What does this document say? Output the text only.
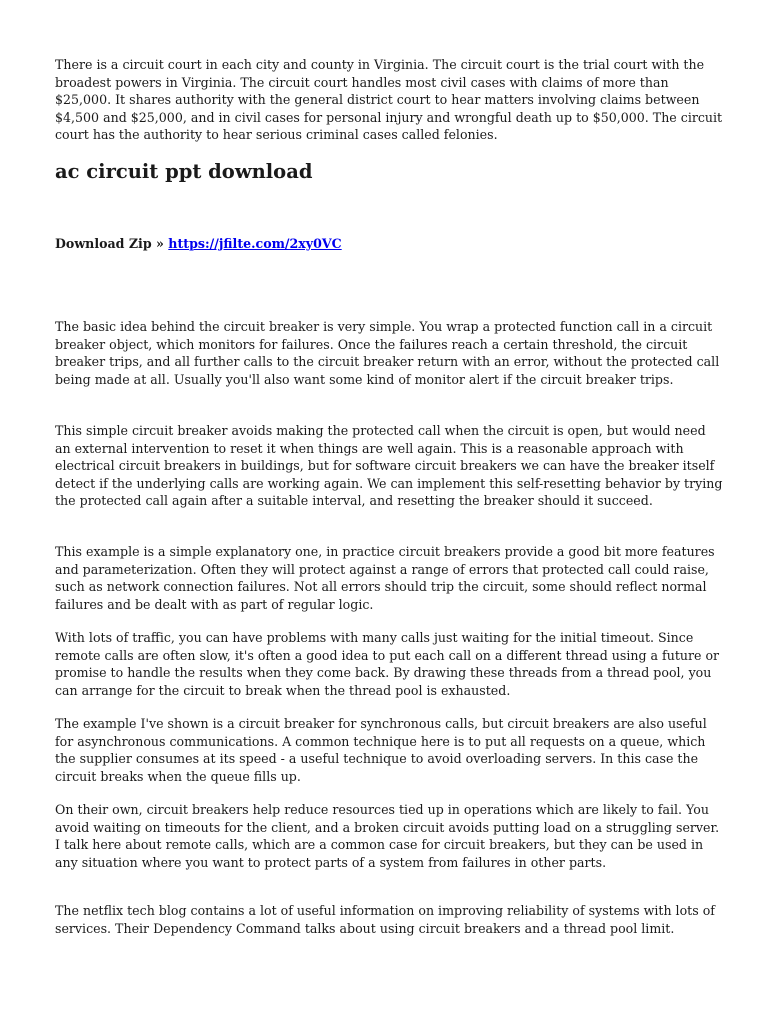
There is a circuit court in each city and county in Virginia. The circuit court is the trial court with the broadest powers in Virginia. The circuit court handles most civil cases with claims of more than $25,000. It shares authority with the general district court to hear matters involving claims between $4,500 and $25,000, and in civil cases for personal injury and wrongful death up to $50,000. The circuit court has the authority to hear serious criminal cases called felonies.

ac circuit ppt download
Download Zip » https://jfilte.com/2xy0VC

The basic idea behind the circuit breaker is very simple. You wrap a protected function call in a circuit breaker object, which monitors for failures. Once the failures reach a certain threshold, the circuit breaker trips, and all further calls to the circuit breaker return with an error, without the protected call being made at all. Usually you'll also want some kind of monitor alert if the circuit breaker trips.

This simple circuit breaker avoids making the protected call when the circuit is open, but would need an external intervention to reset it when things are well again. This is a reasonable approach with electrical circuit breakers in buildings, but for software circuit breakers we can have the breaker itself detect if the underlying calls are working again. We can implement this self-resetting behavior by trying the protected call again after a suitable interval, and resetting the breaker should it succeed.

This example is a simple explanatory one, in practice circuit breakers provide a good bit more features and parameterization. Often they will protect against a range of errors that protected call could raise, such as network connection failures. Not all errors should trip the circuit, some should reflect normal failures and be dealt with as part of regular logic.

With lots of traffic, you can have problems with many calls just waiting for the initial timeout. Since remote calls are often slow, it's often a good idea to put each call on a different thread using a future or promise to handle the results when they come back. By drawing these threads from a thread pool, you can arrange for the circuit to break when the thread pool is exhausted.

The example I've shown is a circuit breaker for synchronous calls, but circuit breakers are also useful for asynchronous communications. A common technique here is to put all requests on a queue, which the supplier consumes at its speed - a useful technique to avoid overloading servers. In this case the circuit breaks when the queue fills up.

On their own, circuit breakers help reduce resources tied up in operations which are likely to fail. You avoid waiting on timeouts for the client, and a broken circuit avoids putting load on a struggling server. I talk here about remote calls, which are a common case for circuit breakers, but they can be used in any situation where you want to protect parts of a system from failures in other parts.

The netflix tech blog contains a lot of useful information on improving reliability of systems with lots of services. Their Dependency Command talks about using circuit breakers and a thread pool limit.
